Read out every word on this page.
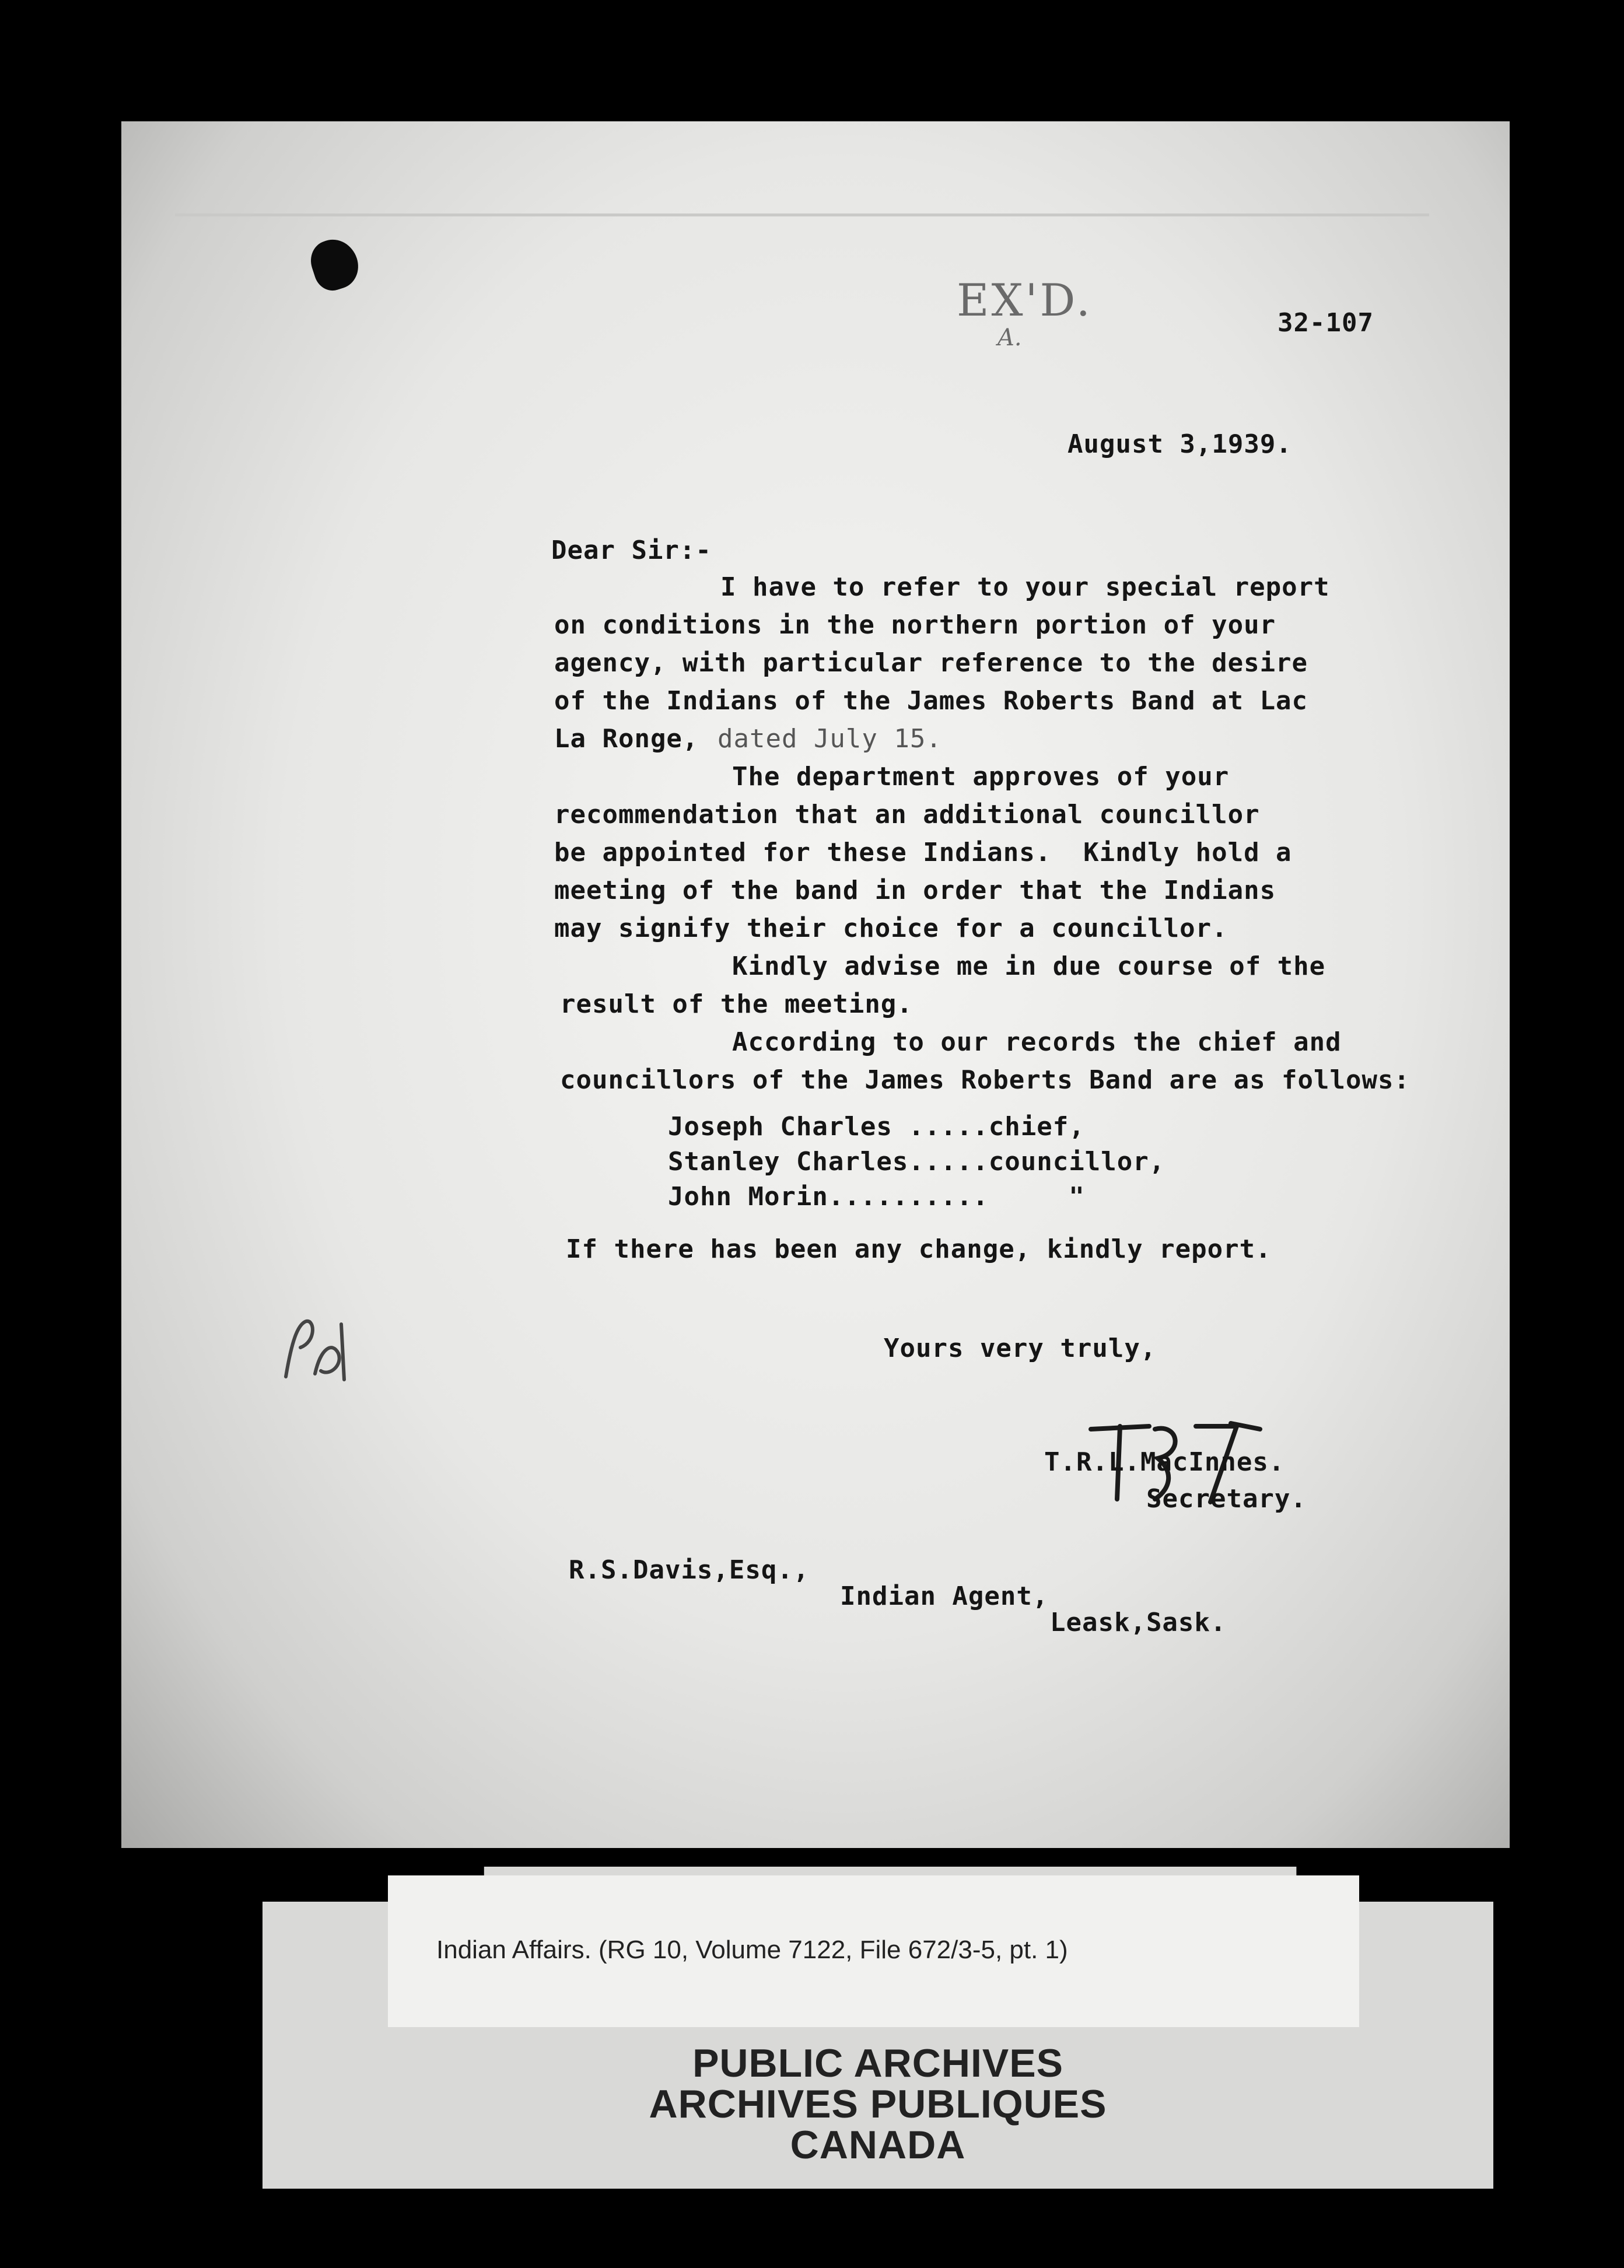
EX'D.
A.	32-107
August 3,1939.
Dear Sir:-
I have to refer to your special report
on conditions in the northern portion of your
agency, with particular reference to the desire
of the Indians of the James Roberts Band at Lac
La Ronge, dated July 15.
The department approves of your
recommendation that an additional councillor
be appointed for these Indians.  Kindly hold a
meeting of the band in order that the Indians
may signify their choice for a councillor.
Kindly advise me in due course of the
result of the meeting.
According to our records the chief and
councillors of the James Roberts Band are as follows:
Joseph Charles .....chief,
Stanley Charles.....councillor,
John Morin..........     "
If there has been any change, kindly report.
Yours very truly,
T.R.L.MacInnes.
Secretary.
R.S.Davis,Esq.,
Indian Agent,
Leask,Sask.
Indian Affairs. (RG 10, Volume 7122, File 672/3-5, pt. 1)
PUBLIC ARCHIVES
ARCHIVES PUBLIQUES
CANADA
